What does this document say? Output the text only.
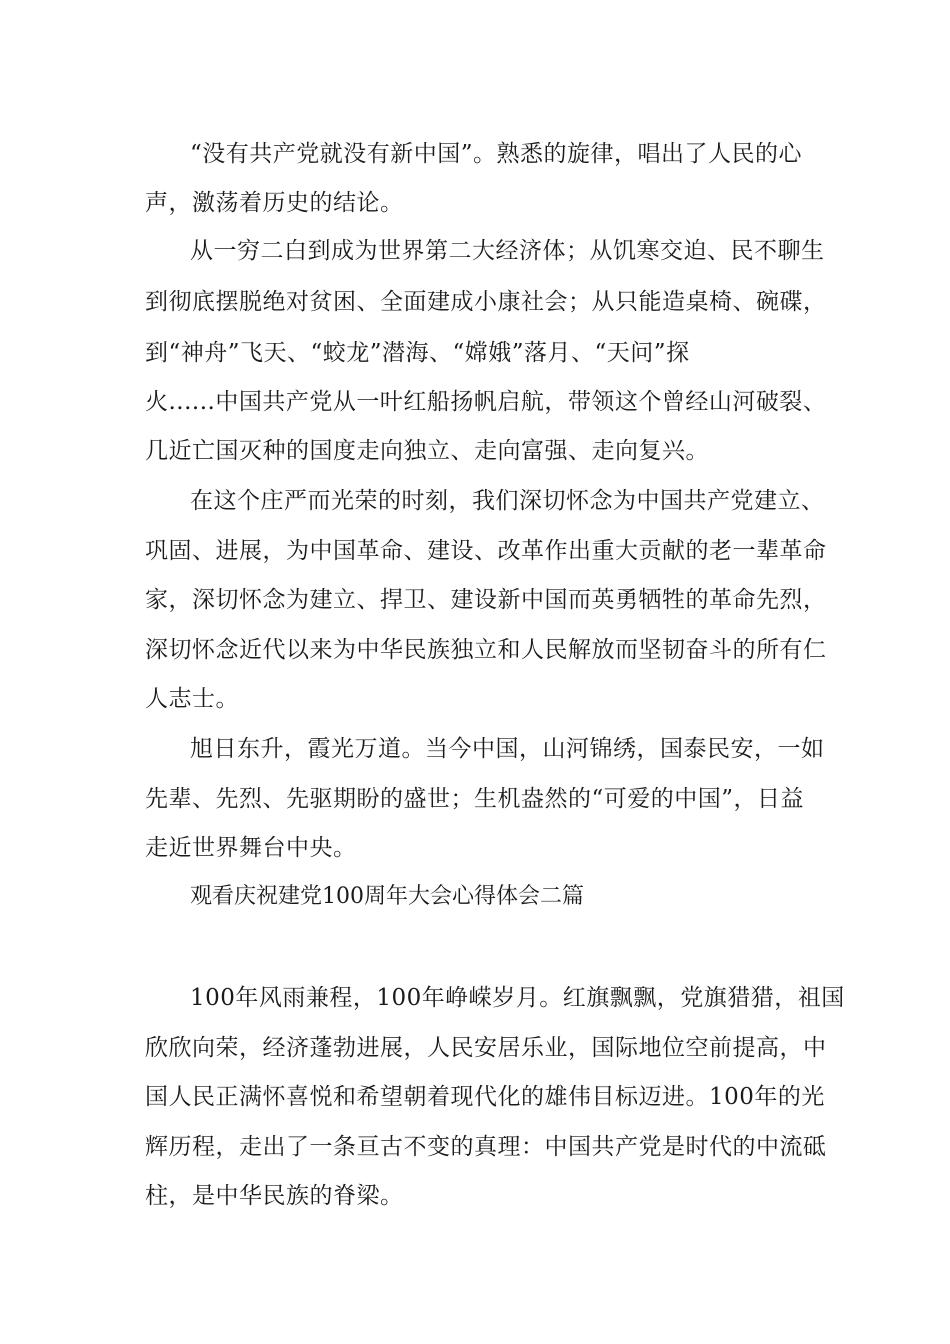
“没有共产党就没有新中国”。熟悉的旋律，唱出了人民的心
声，激荡着历史的结论。
从一穷二白到成为世界第二大经济体；从饥寒交迫、民不聊生
到彻底摆脱绝对贫困、全面建成小康社会；从只能造桌椅、碗碟，
到“神舟”飞天、“蛟龙”潜海、“嫦娥”落月、“天问”探
火......中国共产党从一叶红船扬帆启航，带领这个曾经山河破裂、
几近亡国灭种的国度走向独立、走向富强、走向复兴。
在这个庄严而光荣的时刻，我们深切怀念为中国共产党建立、
巩固、进展，为中国革命、建设、改革作出重大贡献的老一辈革命
家，深切怀念为建立、捍卫、建设新中国而英勇牺牲的革命先烈，
深切怀念近代以来为中华民族独立和人民解放而坚韧奋斗的所有仁
人志士。
旭日东升，霞光万道。当今中国，山河锦绣，国泰民安，一如
先辈、先烈、先驱期盼的盛世；生机盎然的“可爱的中国”，日益
走近世界舞台中央。
观看庆祝建党100周年大会心得体会二篇
100年风雨兼程，100年峥嵘岁月。红旗飘飘，党旗猎猎，祖国
欣欣向荣，经济蓬勃进展，人民安居乐业，国际地位空前提高，中
国人民正满怀喜悦和希望朝着现代化的雄伟目标迈进。100年的光
辉历程，走出了一条亘古不变的真理：中国共产党是时代的中流砥
柱，是中华民族的脊梁。
